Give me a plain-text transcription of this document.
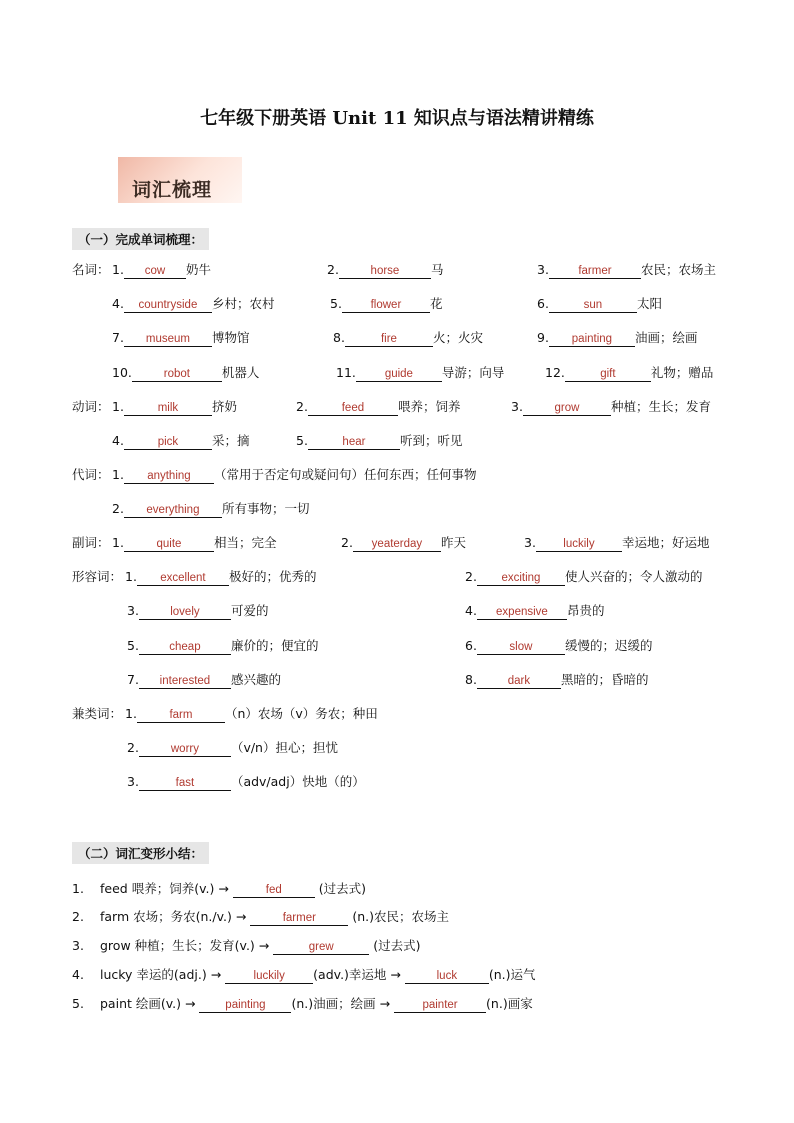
七年级下册英语 Unit 11 知识点与语法精讲精练
词汇梳理
（一）完成单词梳理：
名词： 1. cow 奶牛	2.	horse	马	3.	farmer 农民；农场主
4. countryside 乡村；农村	5. flower 花	6.	sun	太阳
7. museum 博物馆	8.	fire	火；火灾	9. painting 油画；绘画
10.	robot	机器人	11.	guide 导游；向导	12.	gift	礼物；赠品
动词： 1.	milk	挤奶	2.	feed	喂养；饲养	3.	grow	种植；生长；发育
4.	pick	采；摘	5.	hear	听到；听见
代词： 1. anything （常用于否定句或疑问句）任何东西；任何事物
2. everything 所有事物；一切
副词： 1.	quite	相当；完全	2. yeaterday 昨天	3. luckily 幸运地；好运地
形容词： 1. excellent 极好的；优秀的	2. exciting 使人兴奋的；令人激动的
3.	lovely	可爱的	4. expensive 昂贵的
5.	cheap 廉价的；便宜的	6.	slow	缓慢的；迟缓的
7. interested 感兴趣的	8.	dark 黑暗的；昏暗的
兼类词： 1.	farm	（n）农场（v）务农；种田
2.	worry	（v/n）担心；担忧
3.	fast	（adv/adj）快地（的）
（二）词汇变形小结：
1. feed 喂养；饲养(v.) →	fed	(过去式)
2. farm 农场；务农(n./v.) →	farmer	(n.)农民；农场主
3. grow 种植；生长；发育(v.) →	grew	(过去式)
4. lucky 幸运的(adj.) →	luckily (adv.)幸运地 →	luck	(n.)运气
5. paint 绘画(v.) →	painting (n.)油画；绘画 →	painter (n.)画家
